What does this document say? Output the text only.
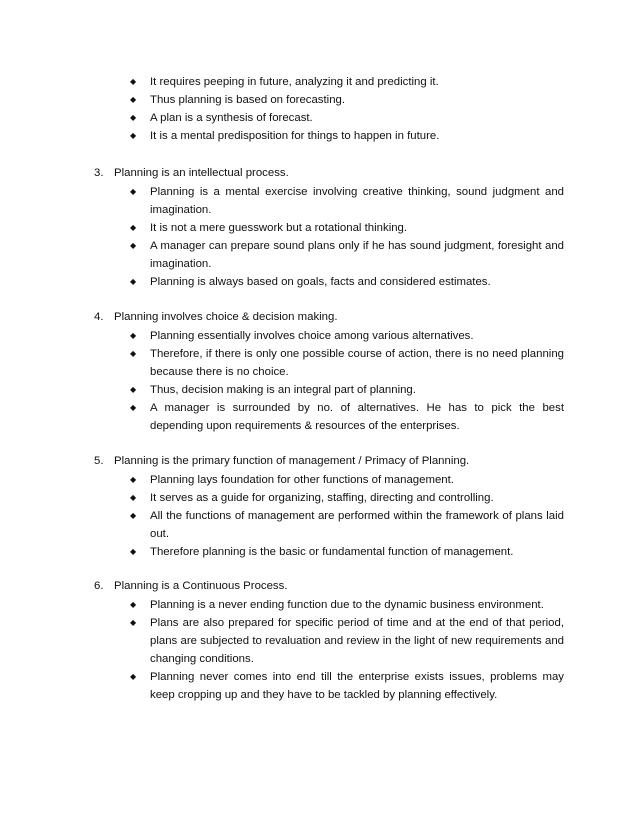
◆ It requires peeping in future, analyzing it and predicting it.
◆ Thus planning is based on forecasting.
◆ A plan is a synthesis of forecast.
◆ It is a mental predisposition for things to happen in future.
3. Planning is an intellectual process.
◆ Planning is a mental exercise involving creative thinking, sound judgment and imagination.
◆ It is not a mere guesswork but a rotational thinking.
◆ A manager can prepare sound plans only if he has sound judgment, foresight and imagination.
◆ Planning is always based on goals, facts and considered estimates.
4. Planning involves choice & decision making.
◆ Planning essentially involves choice among various alternatives.
◆ Therefore, if there is only one possible course of action, there is no need planning because there is no choice.
◆ Thus, decision making is an integral part of planning.
◆ A manager is surrounded by no. of alternatives. He has to pick the best depending upon requirements & resources of the enterprises.
5. Planning is the primary function of management / Primacy of Planning.
◆ Planning lays foundation for other functions of management.
◆ It serves as a guide for organizing, staffing, directing and controlling.
◆ All the functions of management are performed within the framework of plans laid out.
◆ Therefore planning is the basic or fundamental function of management.
6. Planning is a Continuous Process.
◆ Planning is a never ending function due to the dynamic business environment.
◆ Plans are also prepared for specific period of time and at the end of that period, plans are subjected to revaluation and review in the light of new requirements and changing conditions.
◆ Planning never comes into end till the enterprise exists issues, problems may keep cropping up and they have to be tackled by planning effectively.
